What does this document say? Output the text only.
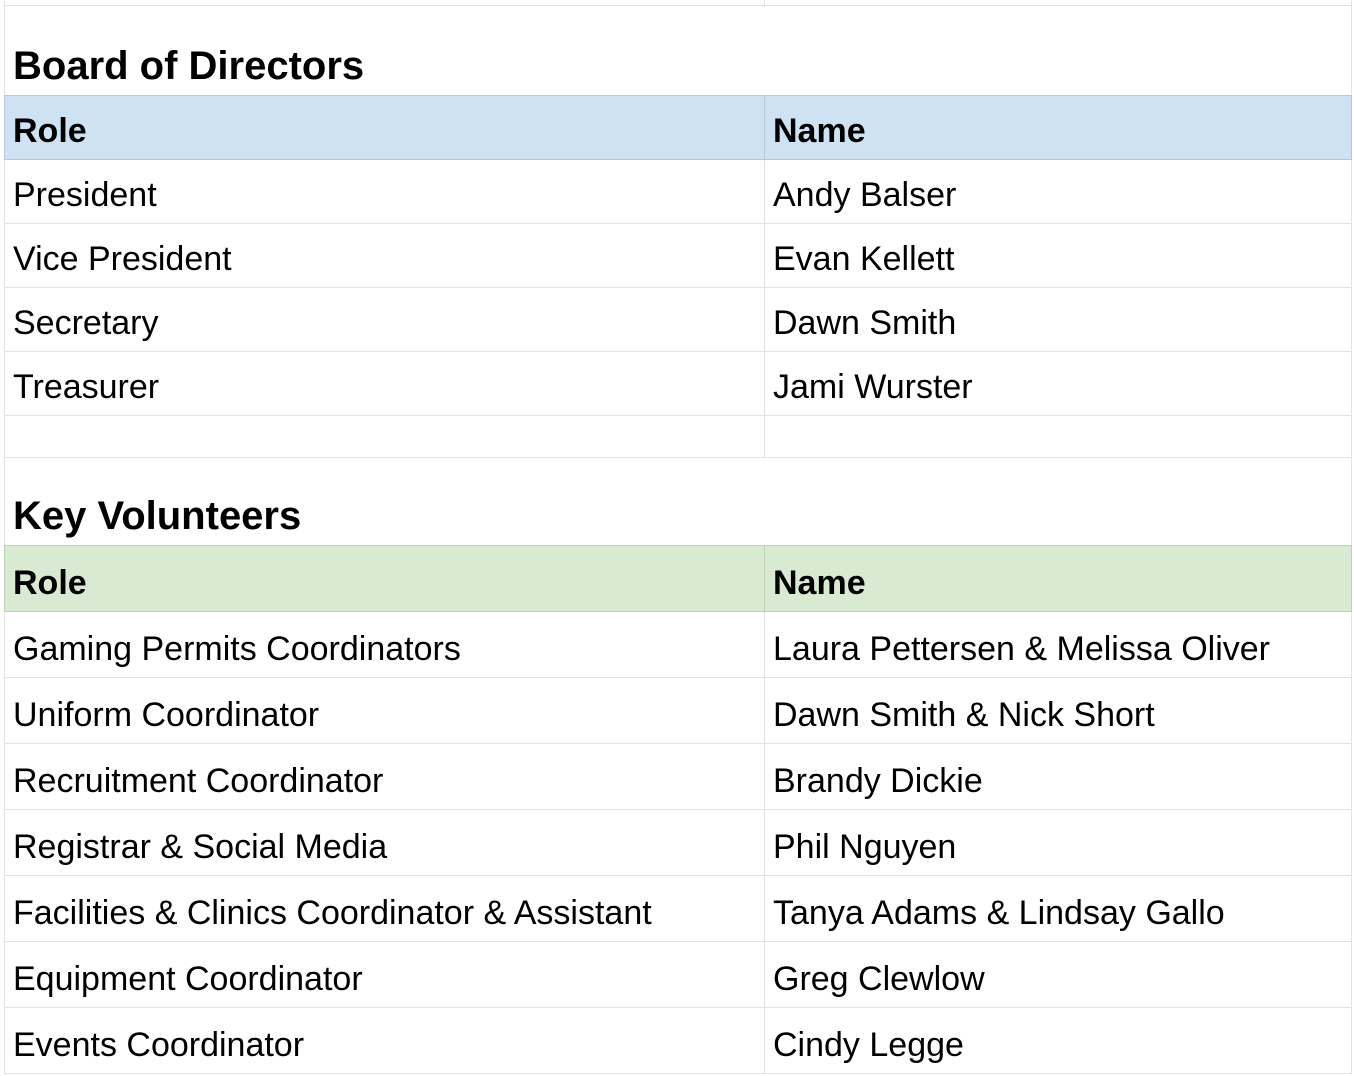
Board of Directors
Role	Name
President	Andy Balser
Vice President	Evan Kellett
Secretary	Dawn Smith
Treasurer	Jami Wurster
Key Volunteers
Role	Name
Gaming Permits Coordinators	Laura Pettersen & Melissa Oliver
Uniform Coordinator	Dawn Smith & Nick Short
Recruitment Coordinator	Brandy Dickie
Registrar & Social Media	Phil Nguyen
Facilities & Clinics Coordinator & Assistant	Tanya Adams & Lindsay Gallo
Equipment Coordinator	Greg Clewlow
Events Coordinator	Cindy Legge
